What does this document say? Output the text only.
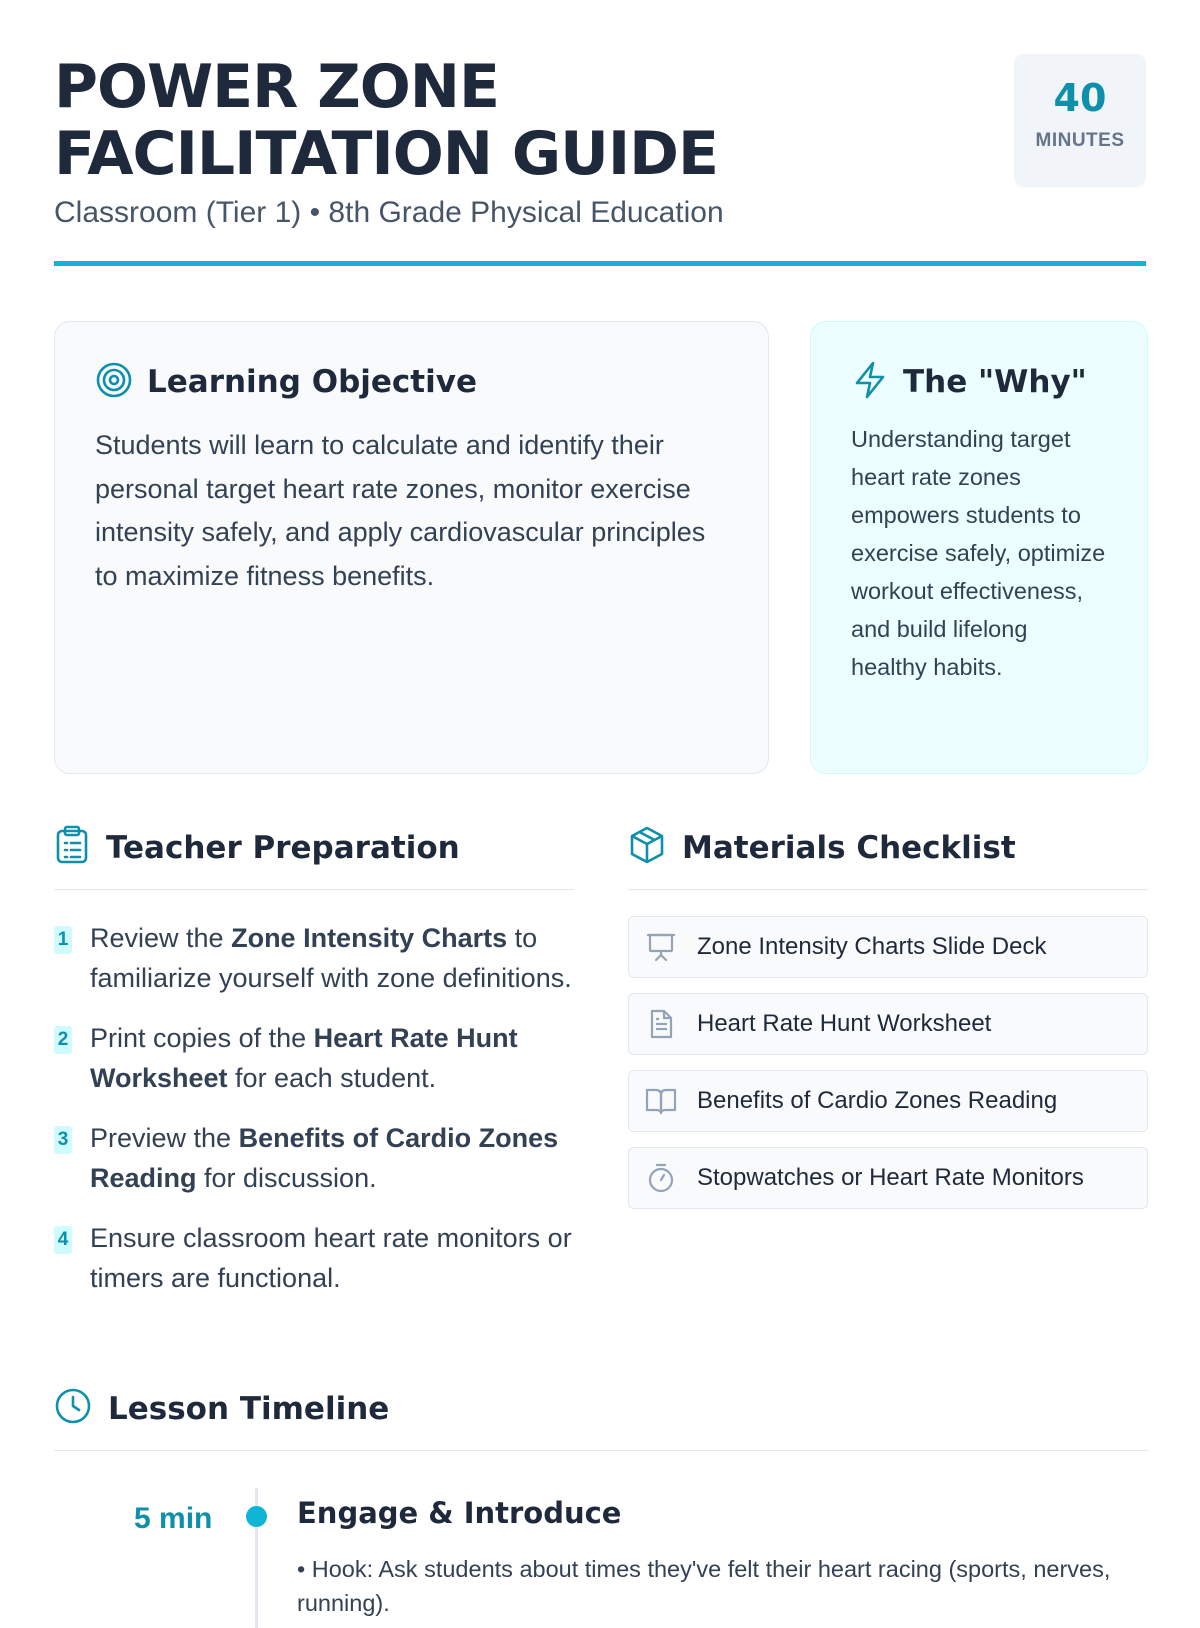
POWER ZONE FACILITATION GUIDE
Classroom (Tier 1) • 8th Grade Physical Education
40
MINUTES
Learning Objective

Students will learn to calculate and identify their personal target heart rate zones, monitor exercise intensity safely, and apply cardiovascular principles to maximize fitness benefits.

The "Why"

Understanding target heart rate zones empowers students to exercise safely, optimize workout effectiveness, and build lifelong healthy habits.

Teacher Preparation
1 Review the Zone Intensity Charts to familiarize yourself with zone definitions.
2 Print copies of the Heart Rate Hunt Worksheet for each student.
3 Preview the Benefits of Cardio Zones Reading for discussion.
4 Ensure classroom heart rate monitors or timers are functional.
Materials Checklist
Zone Intensity Charts Slide Deck
Heart Rate Hunt Worksheet
Benefits of Cardio Zones Reading
Stopwatches or Heart Rate Monitors
Lesson Timeline
5 min	Engage & Introduce
• Hook: Ask students about times they've felt their heart racing (sports, nerves, running).
